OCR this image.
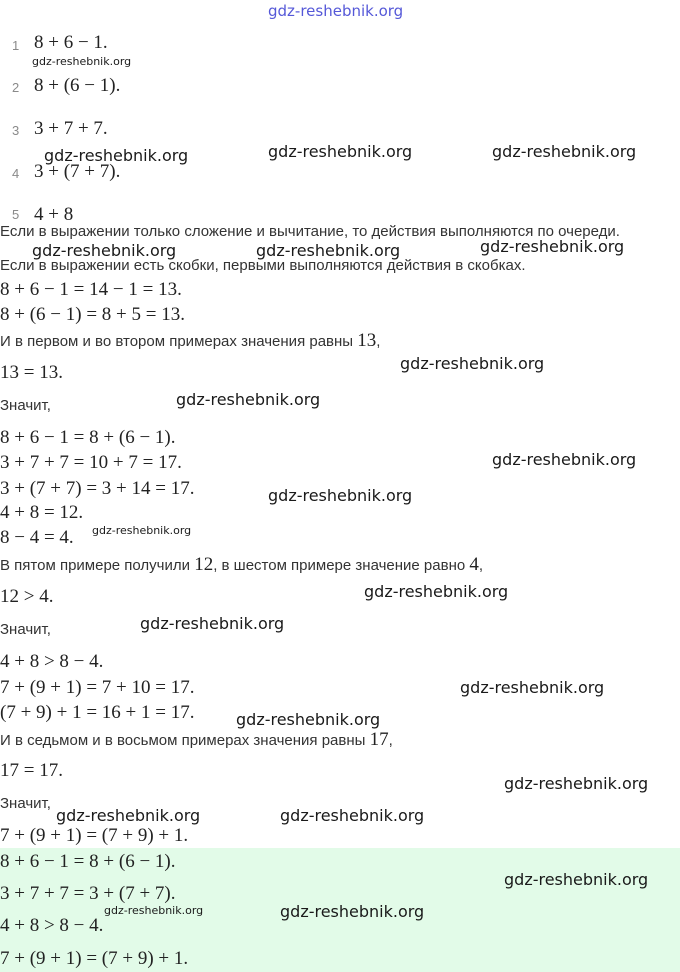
gdz-reshebnik.org
1 8 + 6 − 1.
2 8 + (6 − 1).
3 3 + 7 + 7.
4 3 + (7 + 7).
5 4 + 8
Если в выражении только сложение и вычитание, то действия выполняются по очереди.
Если в выражении есть скобки, первыми выполняются действия в скобках.
8 + 6 − 1 = 14 − 1 = 13.
8 + (6 − 1) = 8 + 5 = 13.
И в первом и во втором примерах значения равны 13,
13 = 13.
Значит,
8 + 6 − 1 = 8 + (6 − 1).
3 + 7 + 7 = 10 + 7 = 17.
3 + (7 + 7) = 3 + 14 = 17.
4 + 8 = 12.
8 − 4 = 4.
В пятом примере получили 12, в шестом примере значение равно 4,
12 > 4.
Значит,
4 + 8 > 8 − 4.
7 + (9 + 1) = 7 + 10 = 17.
(7 + 9) + 1 = 16 + 1 = 17.
И в седьмом и в восьмом примерах значения равны 17,
17 = 17.
Значит,
7 + (9 + 1) = (7 + 9) + 1.
8 + 6 − 1 = 8 + (6 − 1).
3 + 7 + 7 = 3 + (7 + 7).
4 + 8 > 8 − 4.
7 + (9 + 1) = (7 + 9) + 1.
gdz-reshebnik.org
gdz-reshebnik.org	gdz-reshebnik.org	gdz-reshebnik.org
gdz-reshebnik.org	gdz-reshebnik.org	gdz-reshebnik.org
gdz-reshebnik.org
gdz-reshebnik.org
gdz-reshebnik.org
gdz-reshebnik.org
gdz-reshebnik.org
gdz-reshebnik.org
gdz-reshebnik.org
gdz-reshebnik.org
gdz-reshebnik.org
gdz-reshebnik.org
gdz-reshebnik.org	gdz-reshebnik.org
gdz-reshebnik.org
gdz-reshebnik.org	gdz-reshebnik.org
